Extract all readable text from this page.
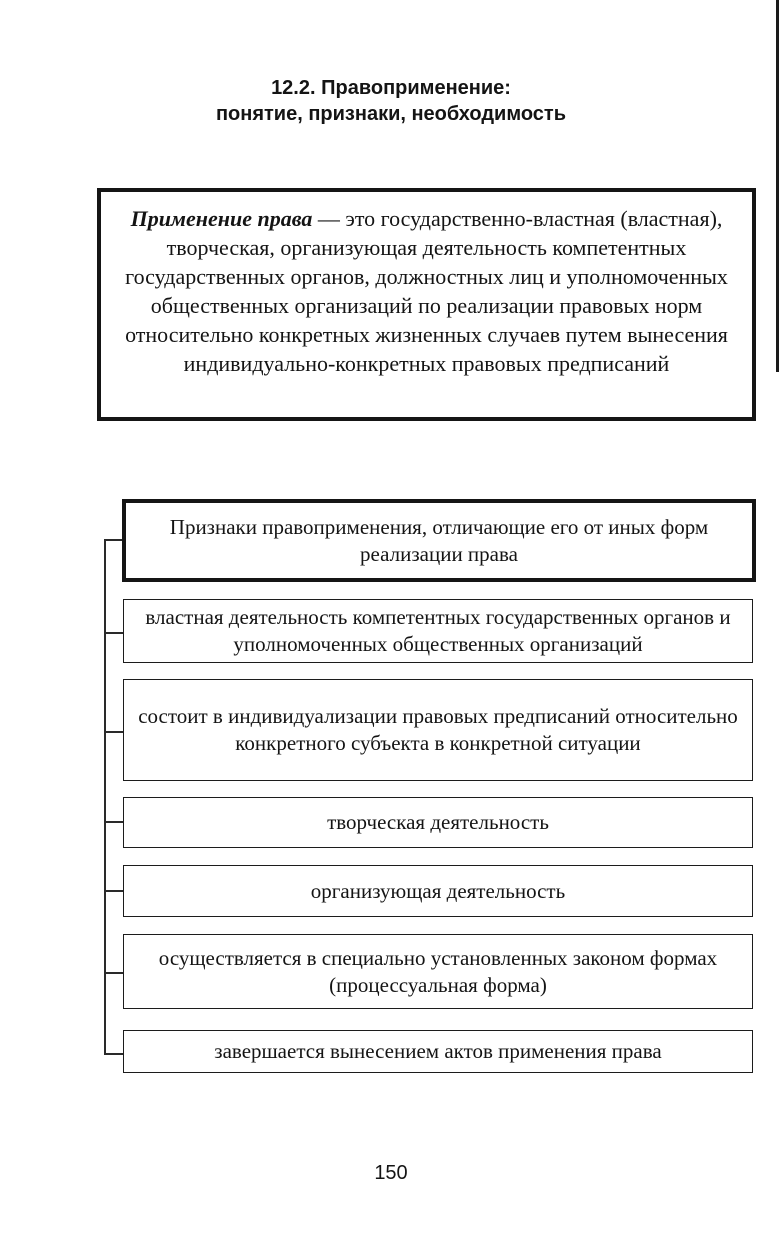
12.2. Правоприменение:
понятие, признаки, необходимость
Применение права — это государственно-властная (властная), творческая, организующая деятельность компетентных государственных органов, должностных лиц и уполномоченных общественных организаций по реализации правовых норм относительно конкретных жизненных случаев путем вынесения индивидуально-конкретных правовых предписаний
Признаки правоприменения, отличающие его от иных форм реализации права
властная деятельность компетентных государственных органов и уполномоченных общественных организаций
состоит в индивидуализации правовых предписаний относительно конкретного субъекта в конкретной ситуации
творческая деятельность
организующая деятельность
осуществляется в специально установленных законом формах (процессуальная форма)
завершается вынесением актов применения права
150
